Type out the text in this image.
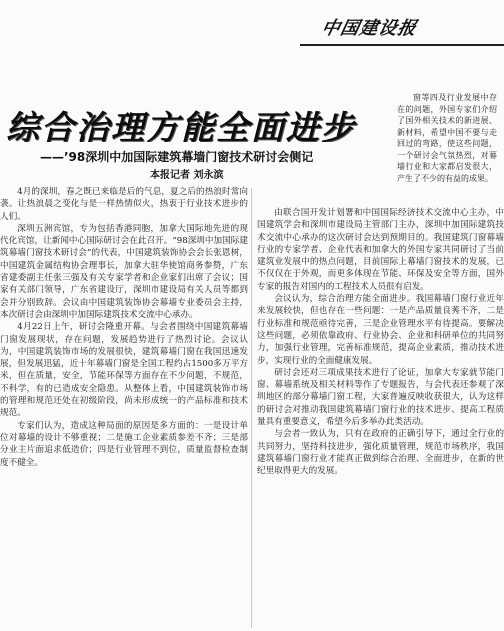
中国建设报

窗等四及行业发展中存在的问题，外国专家们介绍了国外相关技术的新进展、新材料，希望中国不要与走回过的弯路，使这些问题，一个研讨会气氛热烈，对幕墙行业和大家都启发很大，产生了不少的有益的成果。

综合治理方能全面进步
——’98深圳中加国际建筑幕墙门窗技术研讨会侧记
本报记者 刘永滨

4月的深圳，春之既已来临是后的气息，夏之后的热浪时常向袭。让热浪晨之变化与是一样热情似火，热衷于行业技术进步的人们。

深圳五洲宾馆，专为包括香港同胞，加拿大国际地先进的现代化宾馆，让新闻中心国际研讨会在此召开。“98深圳中加国际建筑幕墙门窗技术研讨会”的代表，中国建筑装饰协会会长张恩树，中国建筑金属结构协会理事长，加拿大驻华使馆商务参赞，广东省建委副主任张三强及有关专家学者和企业家们出席了会议；国家有关部门领导，广东省建设厅，深圳市建设局有关人员等都到会并分别致辞。会议由中国建筑装饰协会幕墙专业委员会主持，本次研讨会由深圳中加国际建筑技术交流中心承办。

4月22日上午，研讨会隆重开幕。与会者围绕中国建筑幕墙门窗发展现状，存在问题，发展趋势进行了热烈讨论。会议认为，中国建筑装饰市场的发展很快，建筑幕墙门窗在我国迅速发展，但发展迅猛，近十年幕墙门窗是全国工程约占1500多万平方米，但在质量，安全，节能环保等方面存在不少问题，不规范，不科学，有的已造成安全隐患。从整体上看，中国建筑装饰市场的管理和规范还处在初级阶段，尚未形成统一的产品标准和技术规范。

专家们认为，造成这种局面的原因是多方面的：一是设计单位对幕墙的设计不够重视；二是施工企业素质参差不齐；三是部分业主片面追求低造价；四是行业管理不到位，质量监督检查制度不健全。

由联合国开发计划署和中国国际经济技术交流中心主办，中国建筑学会和深圳市建设局主管部门主办，深圳中加国际建筑技术交流中心承办的这次研讨会达到预期目的。我国建筑门窗幕墙行业的专家学者、企业代表和加拿大的外国专家共同研讨了当前建筑业发展中的热点问题，目前国际上幕墙门窗技术的发展，已不仅仅在于外观，而更多体现在节能、环保及安全等方面，国外专家的报告对国内的工程技术人员很有启发。

会议认为，综合治理方能全面进步。我国幕墙门窗行业近年来发展较快，但也存在一些问题：一是产品质量良莠不齐，二是行业标准和规范亟待完善，三是企业管理水平有待提高。要解决这些问题，必须依靠政府、行业协会、企业和科研单位的共同努力，加强行业管理，完善标准规范，提高企业素质，推动技术进步，实现行业的全面健康发展。

研讨会还对三项成果技术进行了论证，加拿大专家就节能门窗、幕墙系统及相关材料等作了专题报告，与会代表还参观了深圳地区的部分幕墙门窗工程，大家普遍反映收获很大，认为这样的研讨会对推动我国建筑幕墙门窗行业的技术进步、提高工程质量具有重要意义，希望今后多举办此类活动。

与会者一致认为，只有在政府的正确引导下，通过全行业的共同努力，坚持科技进步，强化质量管理，规范市场秩序，我国建筑幕墙门窗行业才能真正做到综合治理、全面进步，在新的世纪里取得更大的发展。
